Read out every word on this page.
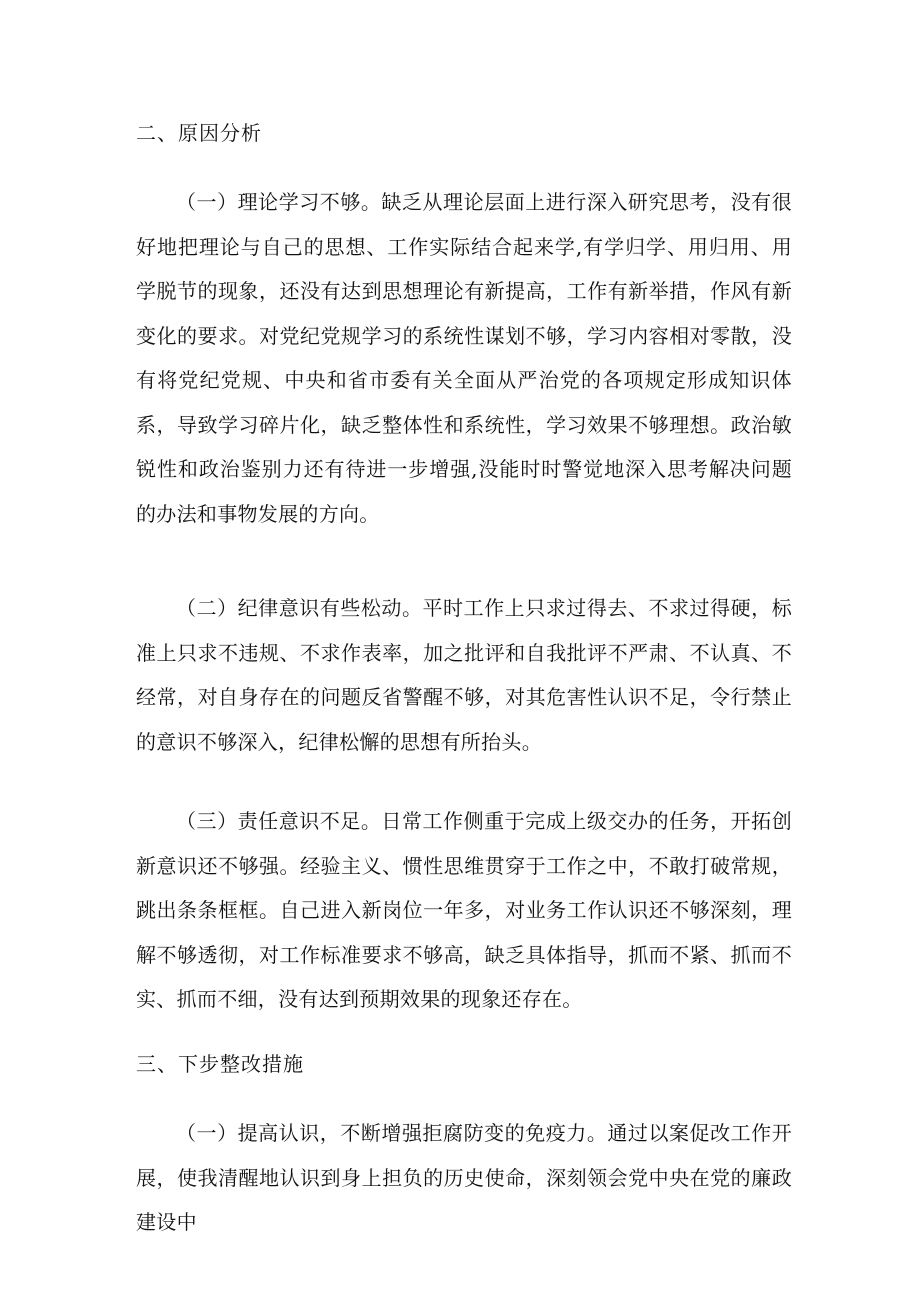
二、原因分析

（一）理论学习不够。缺乏从理论层面上进行深入研究思考，没有很好地把理论与自己的思想、工作实际结合起来学,有学归学、用归用、用学脱节的现象，还没有达到思想理论有新提高，工作有新举措，作风有新变化的要求。对党纪党规学习的系统性谋划不够，学习内容相对零散，没有将党纪党规、中央和省市委有关全面从严治党的各项规定形成知识体系，导致学习碎片化，缺乏整体性和系统性，学习效果不够理想。政治敏锐性和政治鉴别力还有待进一步增强,没能时时警觉地深入思考解决问题的办法和事物发展的方向。

（二）纪律意识有些松动。平时工作上只求过得去、不求过得硬，标准上只求不违规、不求作表率，加之批评和自我批评不严肃、不认真、不经常，对自身存在的问题反省警醒不够，对其危害性认识不足，令行禁止的意识不够深入，纪律松懈的思想有所抬头。

（三）责任意识不足。日常工作侧重于完成上级交办的任务，开拓创新意识还不够强。经验主义、惯性思维贯穿于工作之中，不敢打破常规，跳出条条框框。自己进入新岗位一年多，对业务工作认识还不够深刻，理解不够透彻，对工作标准要求不够高，缺乏具体指导，抓而不紧、抓而不实、抓而不细，没有达到预期效果的现象还存在。

三、下步整改措施

（一）提高认识，不断增强拒腐防变的免疫力。通过以案促改工作开展，使我清醒地认识到身上担负的历史使命，深刻领会党中央在党的廉政建设中
